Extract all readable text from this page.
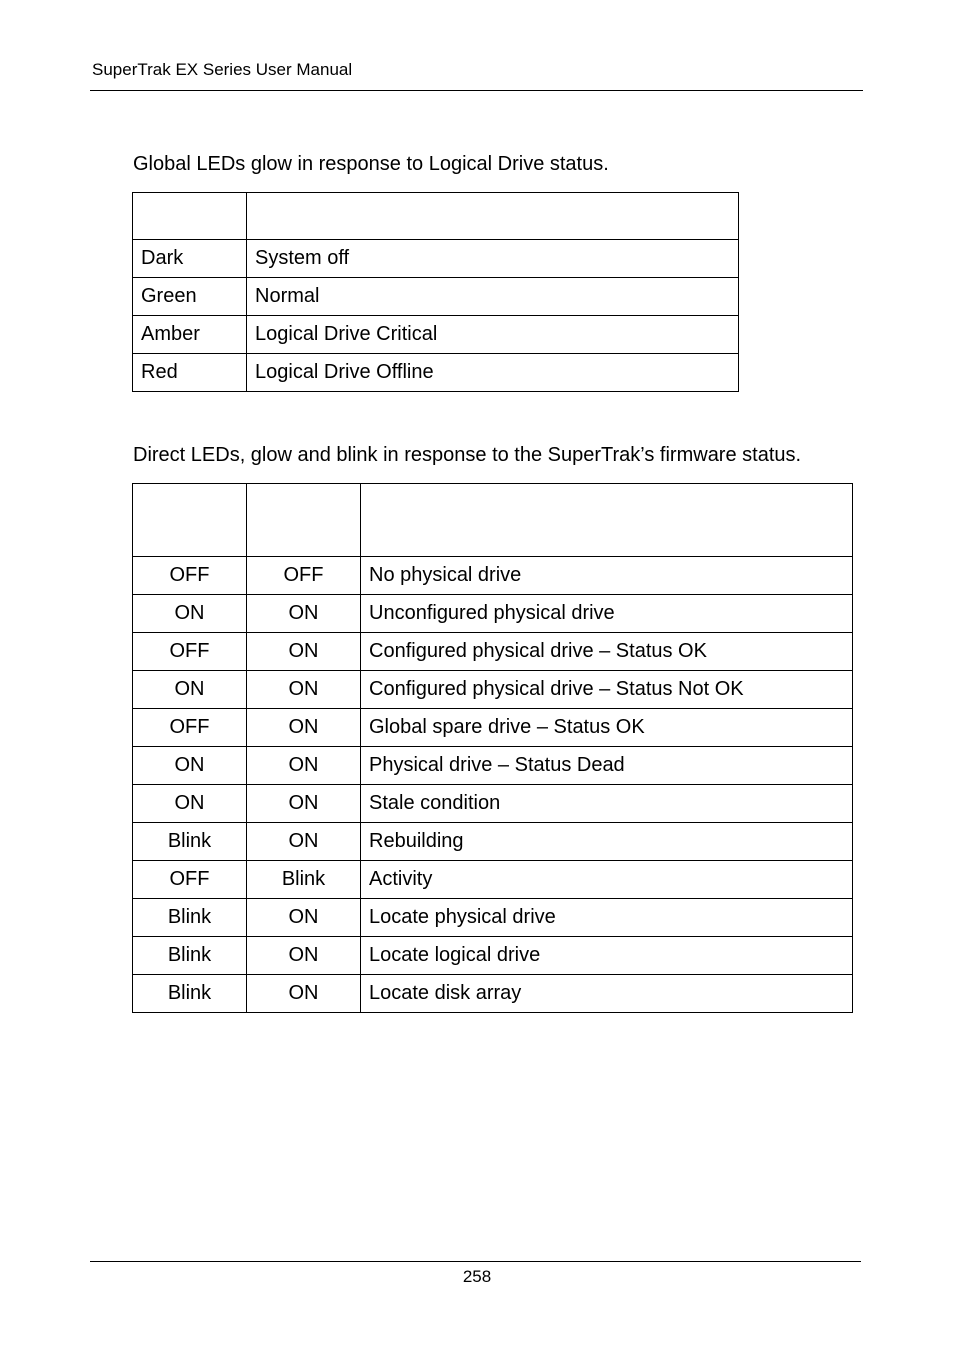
SuperTrak EX Series User Manual
Global LEDs glow in response to Logical Drive status.

Dark	System off
Green	Normal
Amber	Logical Drive Critical
Red	Logical Drive Offline
Direct LEDs, glow and blink in response to the SuperTrak’s firmware status.

OFF	OFF	No physical drive
ON	ON	Unconfigured physical drive
OFF	ON	Configured physical drive – Status OK
ON	ON	Configured physical drive – Status Not OK
OFF	ON	Global spare drive – Status OK
ON	ON	Physical drive – Status Dead
ON	ON	Stale condition
Blink	ON	Rebuilding
OFF	Blink	Activity
Blink	ON	Locate physical drive
Blink	ON	Locate logical drive
Blink	ON	Locate disk array
258
